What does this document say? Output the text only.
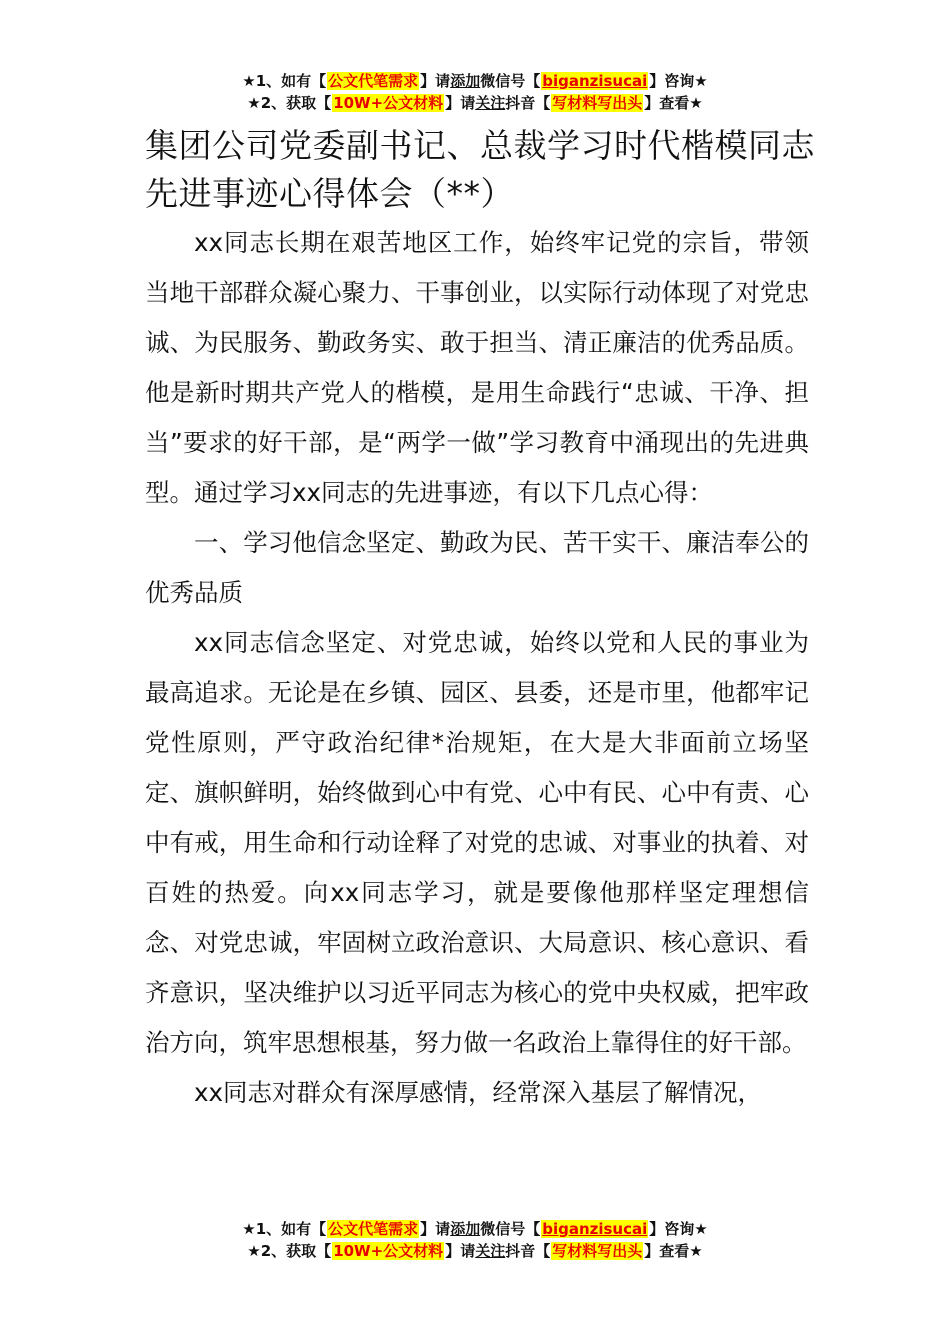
★1、如有【 公文代笔需求 】请添加微信号【 biganzisucai 】咨询★
★2、获取【 10W+公文材料 】请关注抖音【 写材料写出头 】查看★
集团公司党委副书记、总裁学习时代楷模同志先进事迹心得体会（**）

xx同志长期在艰苦地区工作，始终牢记党的宗旨，带领当地干部群众凝心聚力、干事创业，以实际行动体现了对党忠诚、为民服务、勤政务实、敢于担当、清正廉洁的优秀品质。他是新时期共产党人的楷模，是用生命践行“忠诚、干净、担当”要求的好干部，是“两学一做”学习教育中涌现出的先进典型。通过学习xx同志的先进事迹，有以下几点心得：

一、学习他信念坚定、勤政为民、苦干实干、廉洁奉公的优秀品质

xx同志信念坚定、对党忠诚，始终以党和人民的事业为最高追求。无论是在乡镇、园区、县委，还是市里，他都牢记党性原则，严守政治纪律*治规矩，在大是大非面前立场坚定、旗帜鲜明，始终做到心中有党、心中有民、心中有责、心中有戒，用生命和行动诠释了对党的忠诚、对事业的执着、对百姓的热爱。向xx同志学习，就是要像他那样坚定理想信念、对党忠诚，牢固树立政治意识、大局意识、核心意识、看齐意识，坚决维护以习近平同志为核心的党中央权威，把牢政治方向，筑牢思想根基，努力做一名政治上靠得住的好干部。

xx同志对群众有深厚感情，经常深入基层了解情况，

★1、如有【 公文代笔需求 】请添加微信号【 biganzisucai 】咨询★
★2、获取【 10W+公文材料 】请关注抖音【 写材料写出头 】查看★
